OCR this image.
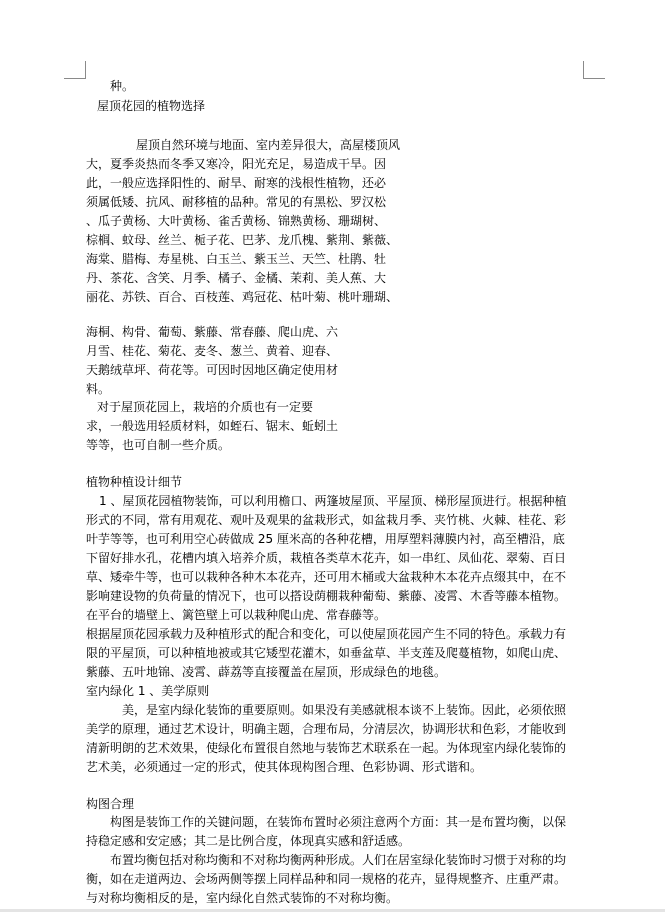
种。
屋顶花园的植物选择
屋顶自然环境与地面、室内差异很大，高屋楼顶风
大，夏季炎热而冬季又寒冷，阳光充足，易造成干旱。因
此，一般应选择阳性的、耐旱、耐寒的浅根性植物，还必
须属低矮、抗风、耐移植的品种。常见的有黑松、罗汉松
、瓜子黄杨、大叶黄杨、雀舌黄杨、锦熟黄杨、珊瑚树、
棕榈、蚊母、丝兰、栀子花、巴茅、龙爪槐、紫荆、紫薇、
海棠、腊梅、寿星桃、白玉兰、紫玉兰、天竺、杜鹃、牡
丹、茶花、含笑、月季、橘子、金橘、茉莉、美人蕉、大
丽花、苏铁、百合、百枝莲、鸡冠花、枯叶菊、桃叶珊瑚、
海桐、构骨、葡萄、紫藤、常春藤、爬山虎、六
月雪、桂花、菊花、麦冬、葱兰、黄着、迎春、
天鹅绒草坪、荷花等。可因时因地区确定使用材
料。
对于屋顶花园上，栽培的介质也有一定要
求，一般选用轻质材料，如蛭石、锯末、蚯蚓土
等等，也可自制一些介质。
植物种植设计细节
1 、屋顶花园植物装饰，可以利用檐口、两篷坡屋顶、平屋顶、梯形屋顶进行。根据种植
形式的不同，常有用观花、观叶及观果的盆栽形式，如盆栽月季、夹竹桃、火棘、桂花、彩
叶芋等等，也可利用空心砖做成 25 厘米高的各种花槽，用厚塑料薄膜内衬，高至槽沿，底
下留好排水孔，花槽内填入培养介质，栽植各类草木花卉，如一串红、凤仙花、翠菊、百日
草、矮牵牛等，也可以栽种各种木本花卉，还可用木桶或大盆栽种木本花卉点缀其中，在不
影响建设物的负荷量的情况下，也可以搭设荫棚栽种葡萄、紫藤、凌霄、木香等藤本植物。
在平台的墙壁上、篱笆壁上可以栽种爬山虎、常春藤等。
根据屋顶花园承载力及种植形式的配合和变化，可以使屋顶花园产生不同的特色。承载力有
限的平屋顶，可以种植地被或其它矮型花灌木，如垂盆草、半支莲及爬蔓植物，如爬山虎、
紫藤、五叶地锦、凌霄、薜荔等直接覆盖在屋顶，形成绿色的地毯。
室内绿化 1 、美学原则
美，是室内绿化装饰的重要原则。如果没有美感就根本谈不上装饰。因此，必须依照
美学的原理，通过艺术设计，明确主题，合理布局，分清层次，协调形状和色彩，才能收到
清新明朗的艺术效果，使绿化布置很自然地与装饰艺术联系在一起。为体现室内绿化装饰的
艺术美，必须通过一定的形式，使其体现构图合理、色彩协调、形式谐和。
构图合理
构图是装饰工作的关键问题，在装饰布置时必须注意两个方面：其一是布置均衡，以保
持稳定感和安定感；其二是比例合度，体现真实感和舒适感。
布置均衡包括对称均衡和不对称均衡两种形成。人们在居室绿化装饰时习惯于对称的均
衡，如在走道两边、会场两侧等摆上同样品种和同一规格的花卉，显得规整齐、庄重严肃。
与对称均衡相反的是，室内绿化自然式装饰的不对称均衡。
